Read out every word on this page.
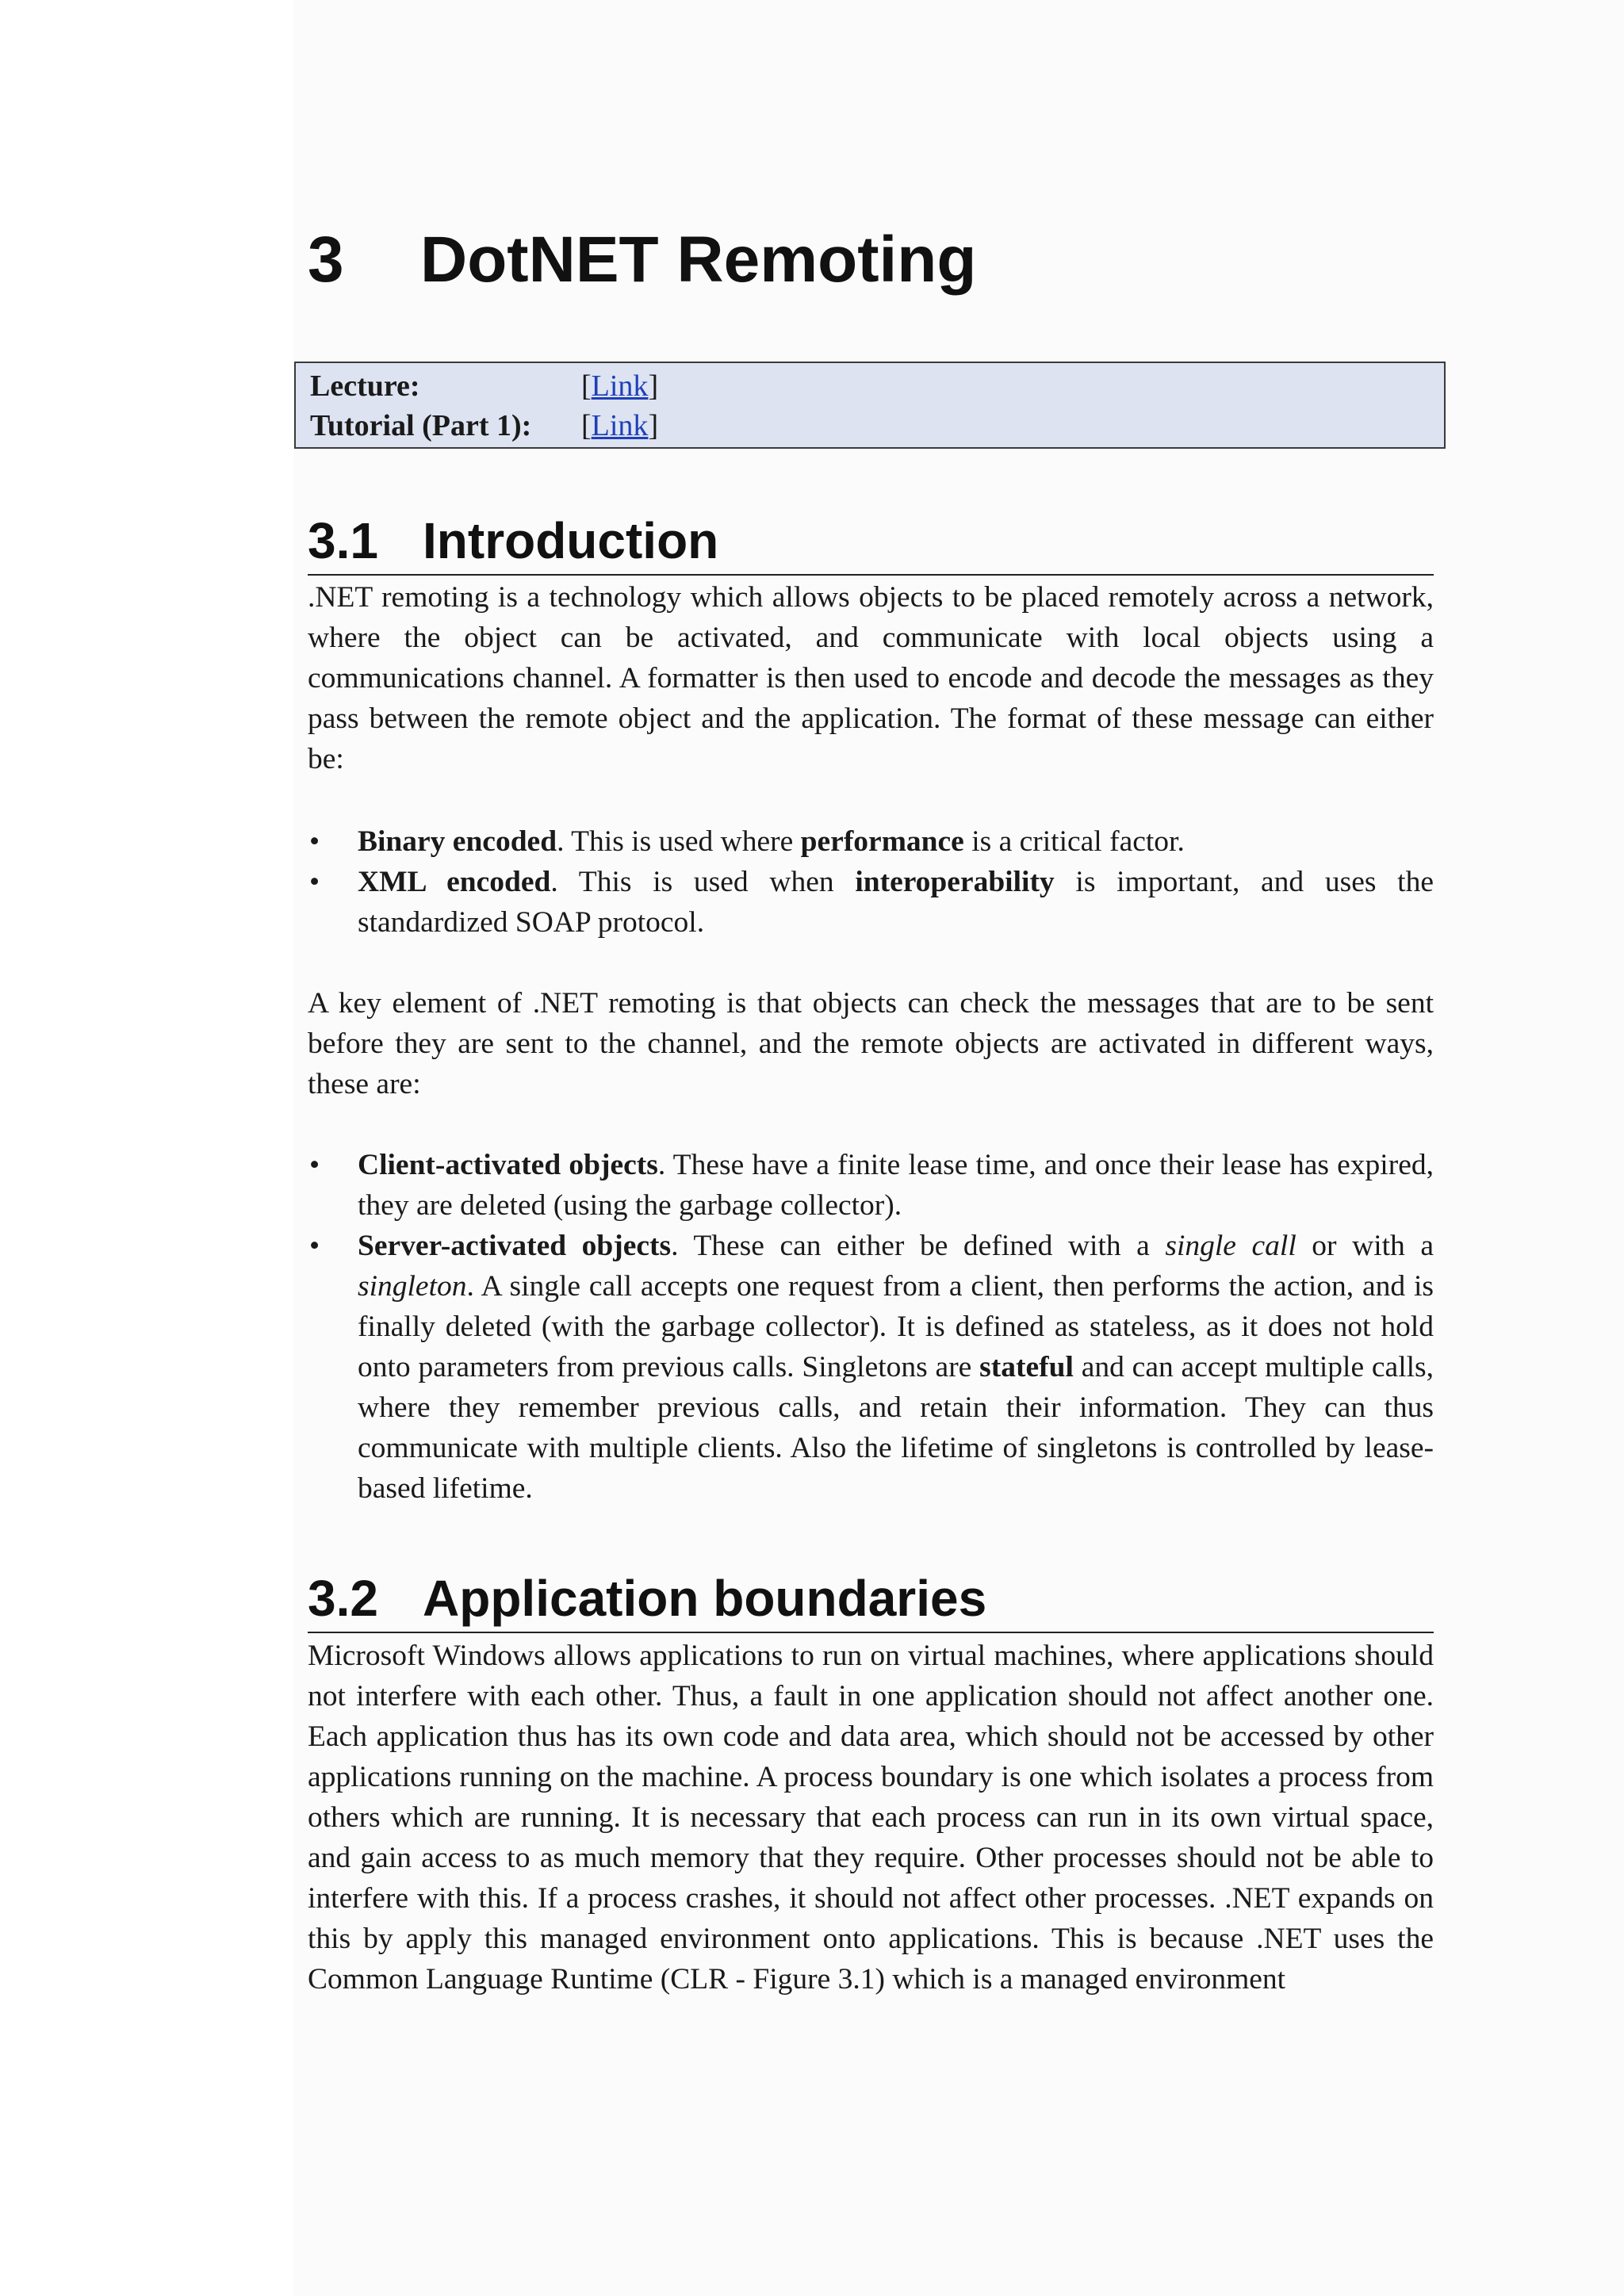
3 DotNET Remoting
Lecture:	[Link]
Tutorial (Part 1): [Link]
3.1 Introduction

.NET remoting is a technology which allows objects to be placed remotely across a network, where the object can be activated, and communicate with local objects using a communications channel. A formatter is then used to encode and decode the messages as they pass between the remote object and the application. The format of these message can either be:

• Binary encoded. This is used where performance is a critical factor.
• XML encoded. This is used when interoperability is important, and uses the standardized SOAP protocol.

A key element of .NET remoting is that objects can check the messages that are to be sent before they are sent to the channel, and the remote objects are activated in different ways, these are:

• Client-activated objects. These have a finite lease time, and once their lease has expired, they are deleted (using the garbage collector).
• Server-activated objects. These can either be defined with a single call or with a singleton. A single call accepts one request from a client, then performs the action, and is finally deleted (with the garbage collector). It is defined as stateless, as it does not hold onto parameters from previous calls. Singletons are stateful and can accept multiple calls, where they remember previous calls, and retain their information. They can thus communicate with multiple clients. Also the lifetime of singletons is controlled by lease-based lifetime.
3.2 Application boundaries

Microsoft Windows allows applications to run on virtual machines, where applications should not interfere with each other. Thus, a fault in one application should not affect another one. Each application thus has its own code and data area, which should not be accessed by other applications running on the machine. A process boundary is one which isolates a process from others which are running. It is necessary that each process can run in its own virtual space, and gain access to as much memory that they require. Other processes should not be able to interfere with this. If a process crashes, it should not affect other processes. .NET expands on this by apply this managed environment onto applications. This is because .NET uses the Common Language Runtime (CLR - Figure 3.1) which is a managed environment
